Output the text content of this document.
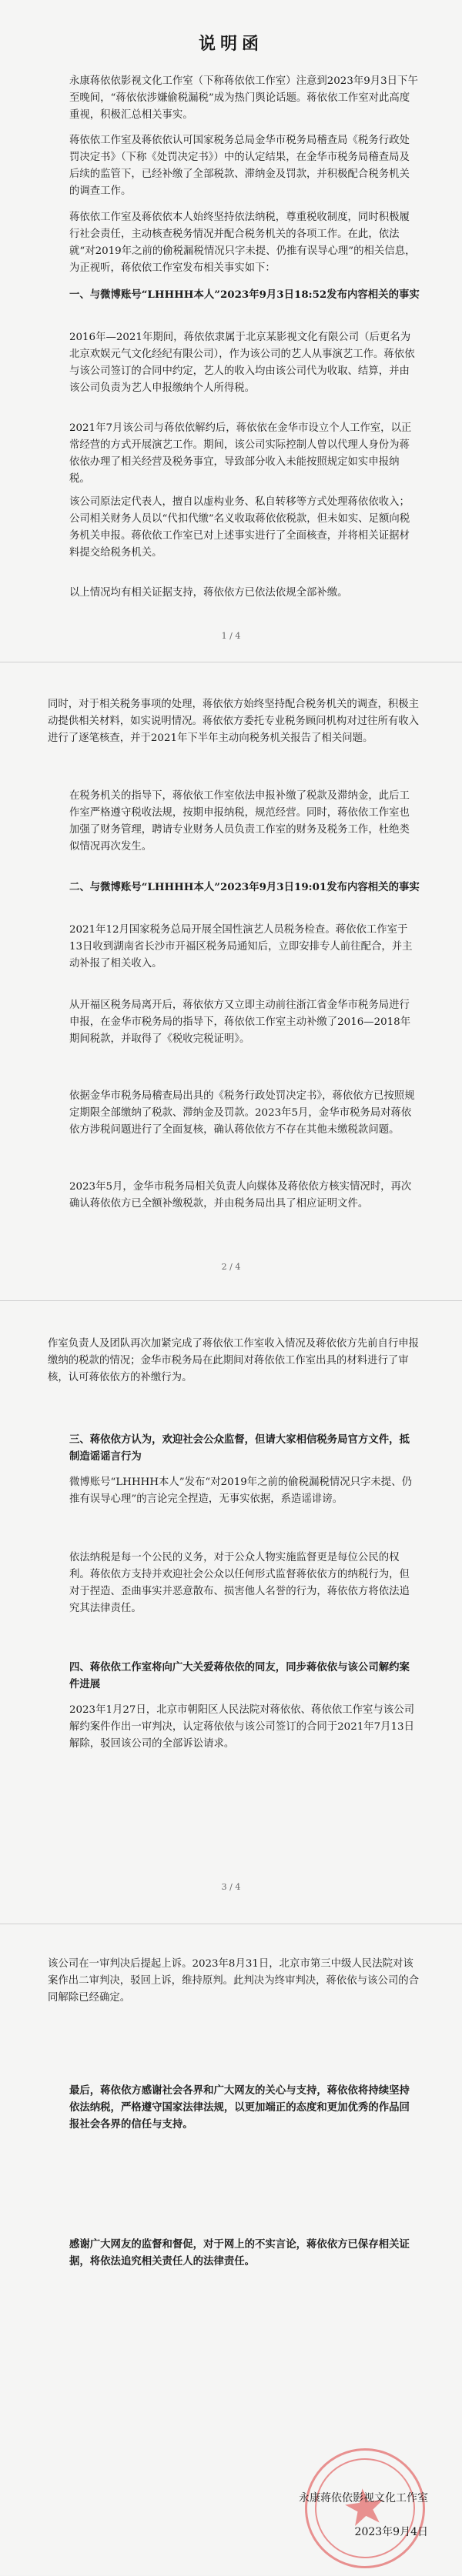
说明函
永康蒋依依影视文化工作室（下称蒋依依工作室）注意到2023年9月3日下午至晚间，“蒋依依涉嫌偷税漏税”成为热门舆论话题。蒋依依工作室对此高度重视，积极汇总相关事实。
蒋依依工作室及蒋依依认可国家税务总局金华市税务局稽查局《税务行政处罚决定书》（下称《处罚决定书》）中的认定结果，在金华市税务局稽查局及后续的监管下，已经补缴了全部税款、滞纳金及罚款，并积极配合税务机关的调查工作。
蒋依依工作室及蒋依依本人始终坚持依法纳税，尊重税收制度，同时积极履行社会责任，主动核查税务情况并配合税务机关的各项工作。在此，依法就“对2019年之前的偷税漏税情况只字未提、仍推有误导心理”的相关信息，为正视听，蒋依依工作室发布相关事实如下：
一、与微博账号“LHHHH本人”2023年9月3日18:52发布内容相关的事实
2016年—2021年期间，蒋依依隶属于北京某影视文化有限公司（后更名为北京欢娱元气文化经纪有限公司），作为该公司的艺人从事演艺工作。蒋依依与该公司签订的合同中约定，艺人的收入均由该公司代为收取、结算，并由该公司负责为艺人申报缴纳个人所得税。
2021年7月该公司与蒋依依解约后，蒋依依在金华市设立个人工作室，以正常经营的方式开展演艺工作。期间，该公司实际控制人曾以代理人身份为蒋依依办理了相关经营及税务事宜，导致部分收入未能按照规定如实申报纳税。
该公司原法定代表人，擅自以虚构业务、私自转移等方式处理蒋依依收入；公司相关财务人员以“代扣代缴”名义收取蒋依依税款，但未如实、足额向税务机关申报。蒋依依工作室已对上述事实进行了全面核查，并将相关证据材料提交给税务机关。
以上情况均有相关证据支持，蒋依依方已依法依规全部补缴。
1 / 4
同时，对于相关税务事项的处理，蒋依依方始终坚持配合税务机关的调查，积极主动提供相关材料，如实说明情况。蒋依依方委托专业税务顾问机构对过往所有收入进行了逐笔核查，并于2021年下半年主动向税务机关报告了相关问题。
在税务机关的指导下，蒋依依工作室依法申报补缴了税款及滞纳金，此后工作室严格遵守税收法规，按期申报纳税，规范经营。同时，蒋依依工作室也加强了财务管理，聘请专业财务人员负责工作室的财务及税务工作，杜绝类似情况再次发生。
二、与微博账号“LHHHH本人”2023年9月3日19:01发布内容相关的事实
2021年12月国家税务总局开展全国性演艺人员税务检查。蒋依依工作室于13日收到湖南省长沙市开福区税务局通知后，立即安排专人前往配合，并主动补报了相关收入。
从开福区税务局离开后，蒋依依方又立即主动前往浙江省金华市税务局进行申报，在金华市税务局的指导下，蒋依依工作室主动补缴了2016—2018年期间税款，并取得了《税收完税证明》。
依据金华市税务局稽查局出具的《税务行政处罚决定书》，蒋依依方已按照规定期限全部缴纳了税款、滞纳金及罚款。2023年5月，金华市税务局对蒋依依方涉税问题进行了全面复核，确认蒋依依方不存在其他未缴税款问题。
2023年5月，金华市税务局相关负责人向媒体及蒋依依方核实情况时，再次确认蒋依依方已全额补缴税款，并由税务局出具了相应证明文件。
2 / 4
作室负责人及团队再次加紧完成了蒋依依工作室收入情况及蒋依依方先前自行申报缴纳的税款的情况；金华市税务局在此期间对蒋依依工作室出具的材料进行了审核，认可蒋依依方的补缴行为。
三、蒋依依方认为，欢迎社会公众监督，但请大家相信税务局官方文件，抵制造谣谣言行为
微博账号“LHHHH本人”发布“对2019年之前的偷税漏税情况只字未提、仍推有误导心理”的言论完全捏造，无事实依据，系造谣诽谤。
依法纳税是每一个公民的义务，对于公众人物实施监督更是每位公民的权利。蒋依依方支持并欢迎社会公众以任何形式监督蒋依依方的纳税行为，但对于捏造、歪曲事实并恶意散布、损害他人名誉的行为，蒋依依方将依法追究其法律责任。
四、蒋依依工作室将向广大关爱蒋依依的同友，同步蒋依依与该公司解约案件进展
2023年1月27日，北京市朝阳区人民法院对蒋依依、蒋依依工作室与该公司解约案件作出一审判决，认定蒋依依与该公司签订的合同于2021年7月13日解除，驳回该公司的全部诉讼请求。
3 / 4
该公司在一审判决后提起上诉。2023年8月31日，北京市第三中级人民法院对该案作出二审判决，驳回上诉，维持原判。此判决为终审判决，蒋依依与该公司的合同解除已经确定。
最后，蒋依依方感谢社会各界和广大网友的关心与支持，蒋依依将持续坚持依法纳税，严格遵守国家法律法规，以更加端正的态度和更加优秀的作品回报社会各界的信任与支持。
感谢广大网友的监督和督促，对于网上的不实言论，蒋依依方已保存相关证据，将依法追究相关责任人的法律责任。
永康蒋依依影视文化工作室
2023年9月4日
